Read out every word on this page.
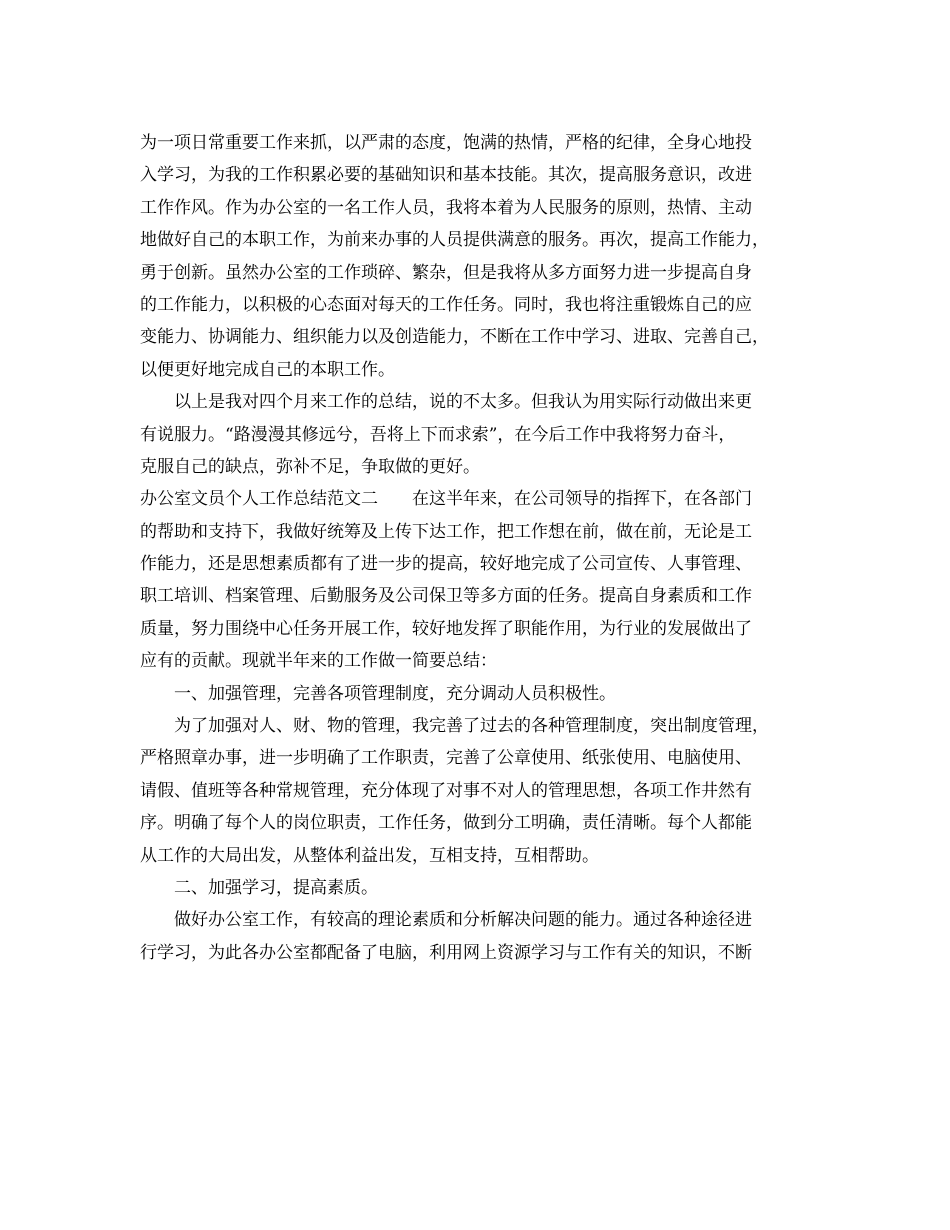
为一项日常重要工作来抓，以严肃的态度，饱满的热情，严格的纪律，全身心地投
入学习，为我的工作积累必要的基础知识和基本技能。其次，提高服务意识，改进
工作作风。作为办公室的一名工作人员，我将本着为人民服务的原则，热情、主动
地做好自己的本职工作，为前来办事的人员提供满意的服务。再次，提高工作能力，
勇于创新。虽然办公室的工作琐碎、繁杂，但是我将从多方面努力进一步提高自身
的工作能力，以积极的心态面对每天的工作任务。同时，我也将注重锻炼自己的应
变能力、协调能力、组织能力以及创造能力，不断在工作中学习、进取、完善自己，
以便更好地完成自己的本职工作。
以上是我对四个月来工作的总结，说的不太多。但我认为用实际行动做出来更
有说服力。“路漫漫其修远兮，吾将上下而求索”，在今后工作中我将努力奋斗，
克服自己的缺点，弥补不足，争取做的更好。
办公室文员个人工作总结范文二 在这半年来，在公司领导的指挥下，在各部门
的帮助和支持下，我做好统筹及上传下达工作，把工作想在前，做在前，无论是工
作能力，还是思想素质都有了进一步的提高，较好地完成了公司宣传、人事管理、
职工培训、档案管理、后勤服务及公司保卫等多方面的任务。提高自身素质和工作
质量，努力围绕中心任务开展工作，较好地发挥了职能作用，为行业的发展做出了
应有的贡献。现就半年来的工作做一简要总结：
一、加强管理，完善各项管理制度，充分调动人员积极性。
为了加强对人、财、物的管理，我完善了过去的各种管理制度，突出制度管理，
严格照章办事，进一步明确了工作职责，完善了公章使用、纸张使用、电脑使用、
请假、值班等各种常规管理，充分体现了对事不对人的管理思想，各项工作井然有
序。明确了每个人的岗位职责，工作任务，做到分工明确，责任清晰。每个人都能
从工作的大局出发，从整体利益出发，互相支持，互相帮助。
二、加强学习，提高素质。
做好办公室工作，有较高的理论素质和分析解决问题的能力。通过各种途径进
行学习，为此各办公室都配备了电脑，利用网上资源学习与工作有关的知识，不断
